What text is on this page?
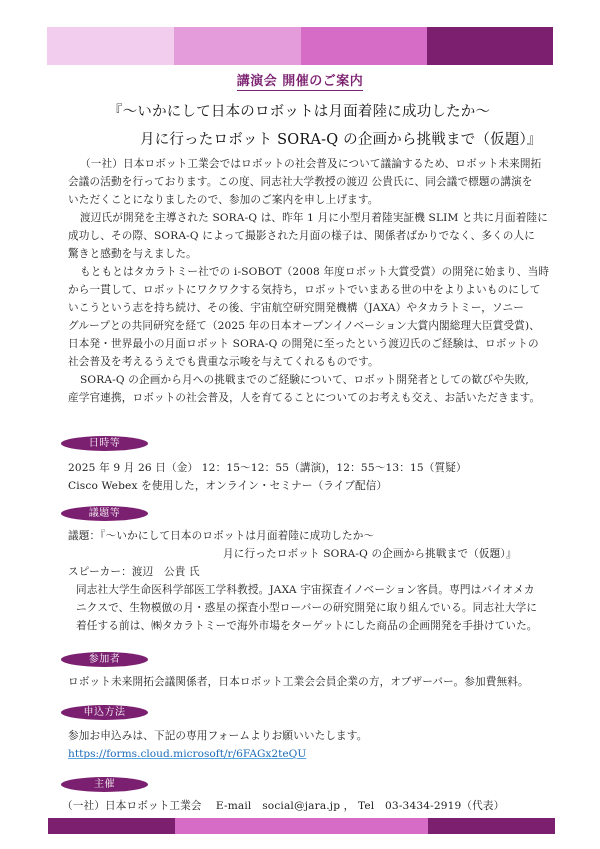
講演会 開催のご案内
『〜いかにして日本のロボットは月面着陸に成功したか〜
月に行ったロボット SORA-Q の企画から挑戦まで（仮題）』
（一社）日本ロボット工業会ではロボットの社会普及について議論するため、ロボット未来開拓
会議の活動を行っております。この度、同志社大学教授の渡辺 公貴氏に、同会議で標題の講演を
いただくことになりましたので、参加のご案内を申し上げます。
渡辺氏が開発を主導された SORA-Q は、昨年 1 月に小型月着陸実証機 SLIM と共に月面着陸に
成功し、その際、SORA-Q によって撮影された月面の様子は、関係者ばかりでなく、多くの人に
驚きと感動を与えました。
もともとはタカラトミー社での i-SOBOT（2008 年度ロボット大賞受賞）の開発に始まり、当時
から一貫して、ロボットにワクワクする気持ち，ロボットでいまある世の中をよりよいものにして
いこうという志を持ち続け、その後、宇宙航空研究開発機構（JAXA）やタカラトミー，ソニー
グループとの共同研究を経て（2025 年の日本オープンイノベーション大賞内閣総理大臣賞受賞)、
日本発・世界最小の月面ロボット SORA-Q の開発に至ったという渡辺氏のご経験は、ロボットの
社会普及を考えるうえでも貴重な示唆を与えてくれるものです。
SORA-Q の企画から月への挑戦までのご経験について、ロボット開発者としての歓びや失敗,
産学官連携，ロボットの社会普及，人を育てることについてのお考えも交え、お話いただきます。
日時等
2025 年 9 月 26 日（金） 12：15〜12：55（講演)，12：55〜13：15（質疑）
Cisco Webex を使用した，オンライン・セミナー（ライブ配信）
議題等
議題：『〜いかにして日本のロボットは月面着陸に成功したか〜
月に行ったロボット SORA-Q の企画から挑戦まで（仮題）』
スピーカー：渡辺　公貴 氏
同志社大学生命医科学部医工学科教授。JAXA 宇宙探査イノベーション客員。専門はバイオメカ
ニクスで、生物模倣の月・惑星の探査小型ローバーの研究開発に取り組んでいる。同志社大学に
着任する前は、㈱タカラトミーで海外市場をターゲットにした商品の企画開発を手掛けていた。
参加者
ロボット未来開拓会議関係者，日本ロボット工業会会員企業の方，オブザーバー。参加費無料。
申込方法
参加お申込みは、下記の専用フォームよりお願いいたします。
https://forms.cloud.microsoft/r/6FAGx2teQU
主催
（一社）日本ロボット工業会　 E-mail　social@jara.jp ， Tel　03-3434-2919（代表）
